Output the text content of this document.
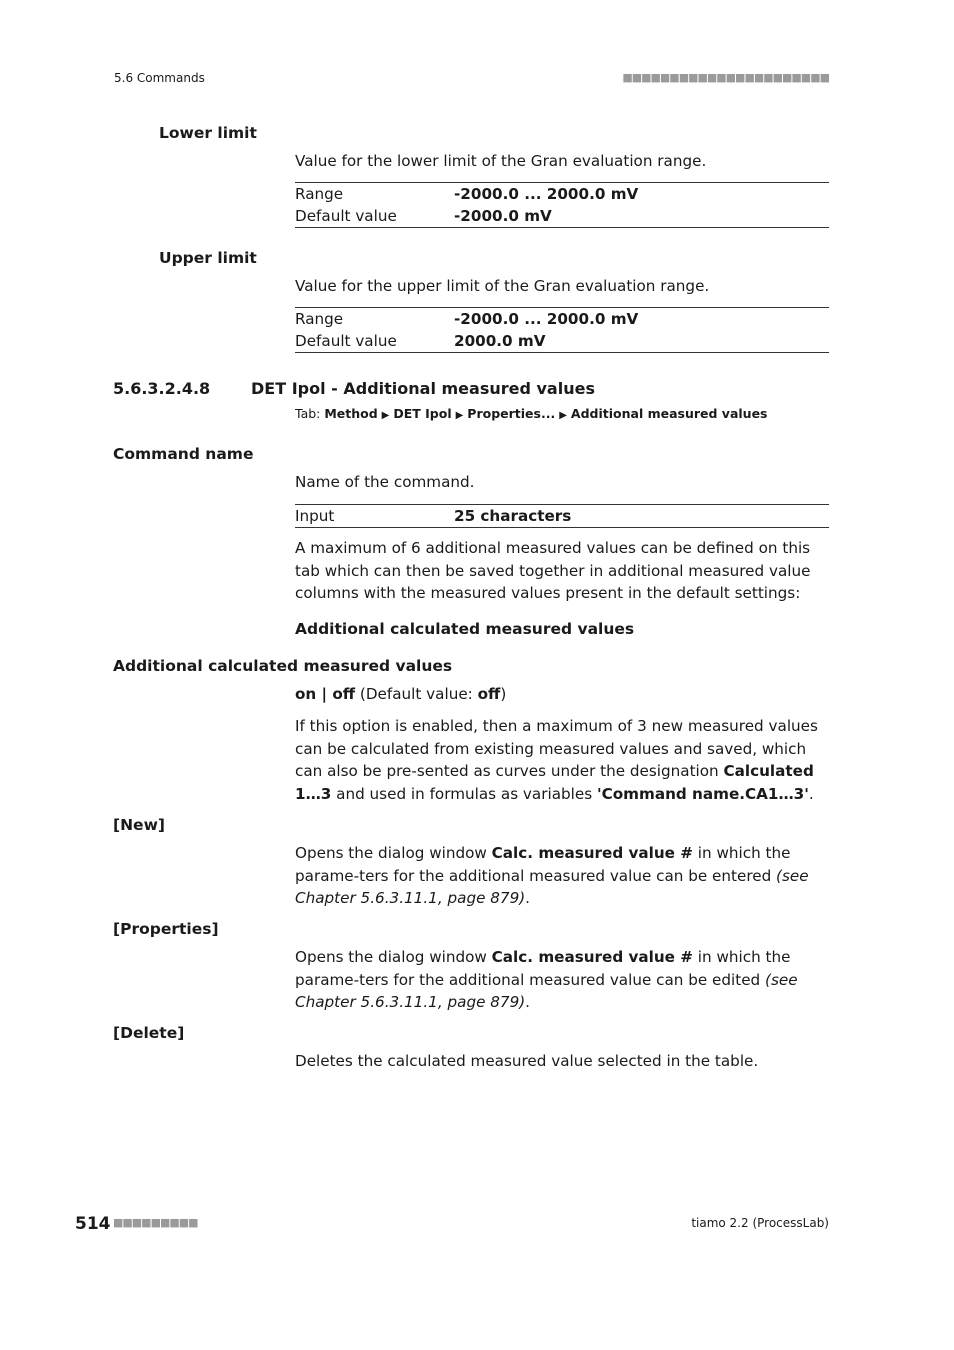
5.6 Commands	■■■■■■■■■■■■■■■■■■■■■■
Lower limit
Value for the lower limit of the Gran evaluation range.
Range	-2000.0 ... 2000.0 mV
Default value	-2000.0 mV
Upper limit
Value for the upper limit of the Gran evaluation range.
Range	-2000.0 ... 2000.0 mV
Default value	2000.0 mV
5.6.3.2.4.8	DET Ipol - Additional measured values
Tab: Method ▶ DET Ipol ▶ Properties... ▶ Additional measured values
Command name
Name of the command.
Input	25 characters
A maximum of 6 additional measured values can be defined on this tab which can then be saved together in additional measured value columns with the measured values present in the default settings:
Additional calculated measured values
Additional calculated measured values
on | off (Default value: off)
If this option is enabled, then a maximum of 3 new measured values can be calculated from existing measured values and saved, which can also be pre-sented as curves under the designation Calculated 1…3 and used in formulas as variables 'Command name.CA1…3'.
[New]
Opens the dialog window Calc. measured value # in which the parame-ters for the additional measured value can be entered (see Chapter 5.6.3.11.1, page 879).
[Properties]
Opens the dialog window Calc. measured value # in which the parame-ters for the additional measured value can be edited (see Chapter 5.6.3.11.1, page 879).
[Delete]
Deletes the calculated measured value selected in the table.
514 ■■■■■■■■■	tiamo 2.2 (ProcessLab)
